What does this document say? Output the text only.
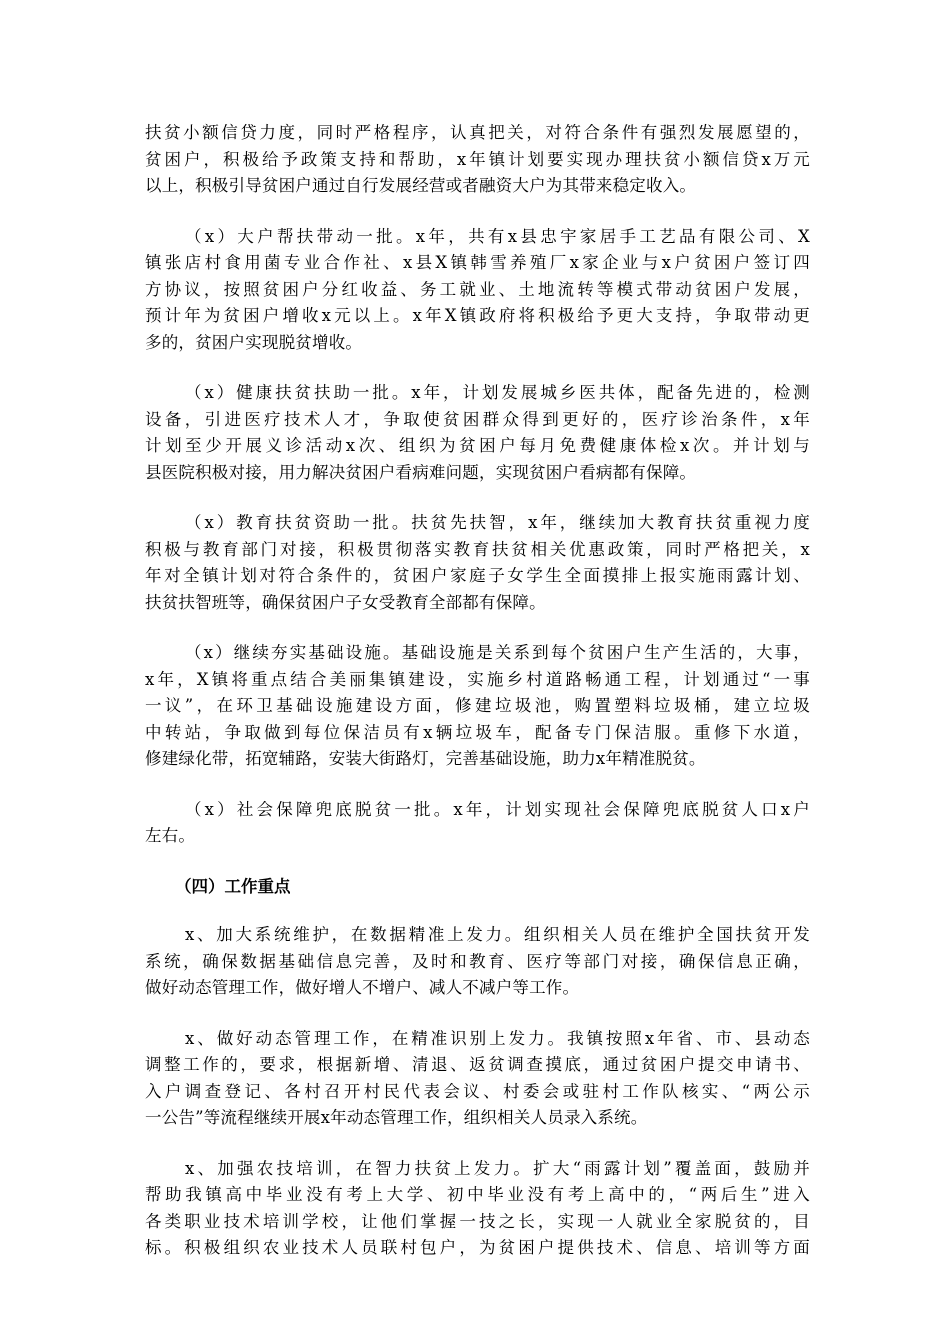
扶贫小额信贷力度，同时严格程序，认真把关，对符合条件有强烈发展愿望的，
贫困户，积极给予政策支持和帮助，x年镇计划要实现办理扶贫小额信贷x万元
以上，积极引导贫困户通过自行发展经营或者融资大户为其带来稳定收入。
（x）大户帮扶带动一批。x年，共有x县忠宇家居手工艺品有限公司、X
镇张店村食用菌专业合作社、x县X镇韩雪养殖厂x家企业与x户贫困户签订四
方协议，按照贫困户分红收益、务工就业、土地流转等模式带动贫困户发展，
预计年为贫困户增收x元以上。x年X镇政府将积极给予更大支持，争取带动更
多的，贫困户实现脱贫增收。
（x）健康扶贫扶助一批。x年，计划发展城乡医共体，配备先进的，检测
设备，引进医疗技术人才，争取使贫困群众得到更好的，医疗诊治条件，x年
计划至少开展义诊活动x次、组织为贫困户每月免费健康体检x次。并计划与
县医院积极对接，用力解决贫困户看病难问题，实现贫困户看病都有保障。
（x）教育扶贫资助一批。扶贫先扶智，x年，继续加大教育扶贫重视力度
积极与教育部门对接，积极贯彻落实教育扶贫相关优惠政策，同时严格把关，x
年对全镇计划对符合条件的，贫困户家庭子女学生全面摸排上报实施雨露计划、
扶贫扶智班等，确保贫困户子女受教育全部都有保障。
（x）继续夯实基础设施。基础设施是关系到每个贫困户生产生活的，大事，
x年，X镇将重点结合美丽集镇建设，实施乡村道路畅通工程，计划通过“一事
一议”，在环卫基础设施建设方面，修建垃圾池，购置塑料垃圾桶，建立垃圾
中转站，争取做到每位保洁员有x辆垃圾车，配备专门保洁服。重修下水道，
修建绿化带，拓宽辅路，安装大街路灯，完善基础设施，助力x年精准脱贫。
（x）社会保障兜底脱贫一批。x年，计划实现社会保障兜底脱贫人口x户
左右。
（四）工作重点
x、加大系统维护，在数据精准上发力。组织相关人员在维护全国扶贫开发
系统，确保数据基础信息完善，及时和教育、医疗等部门对接，确保信息正确，
做好动态管理工作，做好增人不增户、减人不减户等工作。
x、做好动态管理工作，在精准识别上发力。我镇按照x年省、市、县动态
调整工作的，要求，根据新增、清退、返贫调查摸底，通过贫困户提交申请书、
入户调查登记、各村召开村民代表会议、村委会或驻村工作队核实、“两公示
一公告”等流程继续开展x年动态管理工作，组织相关人员录入系统。
x、加强农技培训，在智力扶贫上发力。扩大“雨露计划”覆盖面，鼓励并
帮助我镇高中毕业没有考上大学、初中毕业没有考上高中的，“两后生”进入
各类职业技术培训学校，让他们掌握一技之长，实现一人就业全家脱贫的，目
标。积极组织农业技术人员联村包户，为贫困户提供技术、信息、培训等方面
